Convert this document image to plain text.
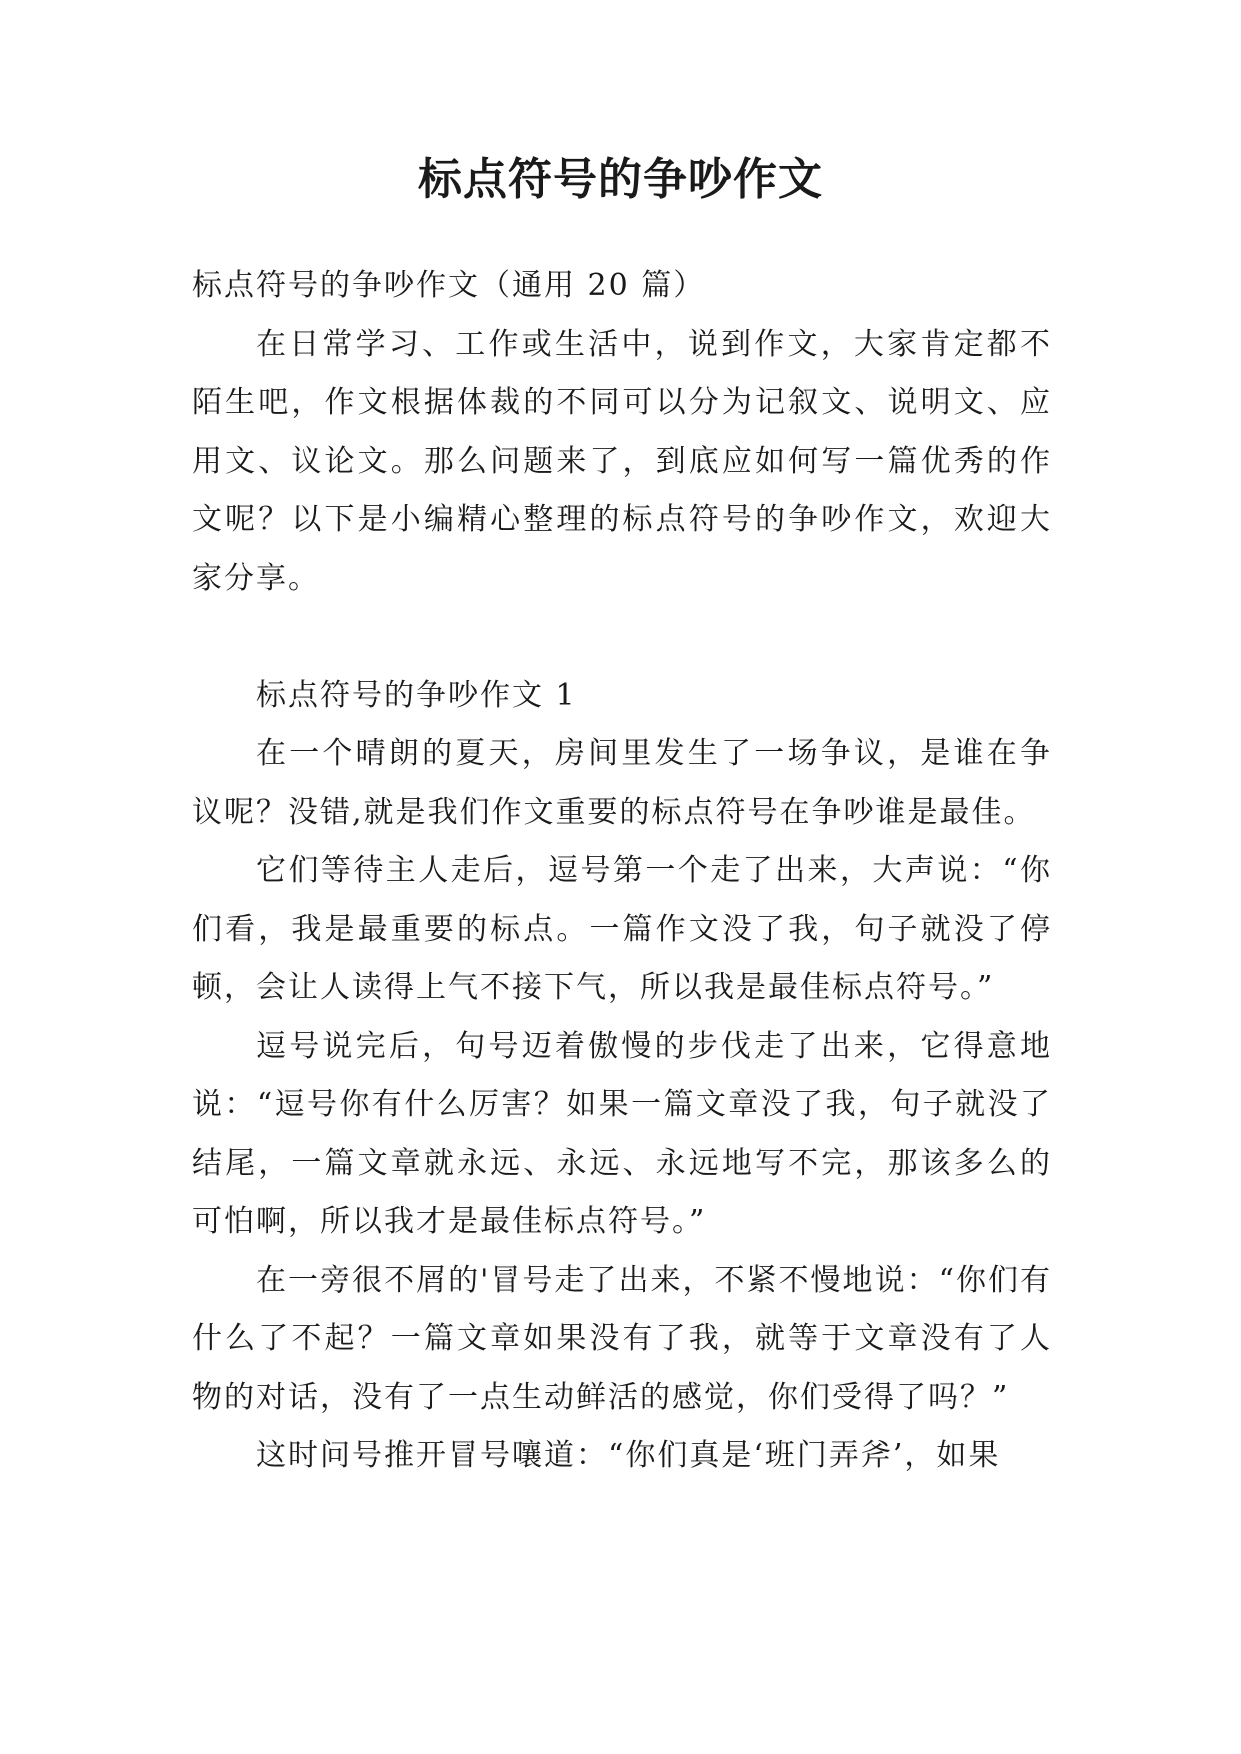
标点符号的争吵作文

标点符号的争吵作文（通用 20 篇）

在日常学习、工作或生活中，说到作文，大家肯定都不陌生吧，作文根据体裁的不同可以分为记叙文、说明文、应用文、议论文。那么问题来了，到底应如何写一篇优秀的作文呢？以下是小编精心整理的标点符号的争吵作文，欢迎大家分享。

标点符号的争吵作文 1

在一个晴朗的夏天，房间里发生了一场争议，是谁在争议呢？没错,就是我们作文重要的标点符号在争吵谁是最佳。

它们等待主人走后，逗号第一个走了出来，大声说：“你们看，我是最重要的标点。一篇作文没了我，句子就没了停顿，会让人读得上气不接下气，所以我是最佳标点符号。”

逗号说完后，句号迈着傲慢的步伐走了出来，它得意地说：“逗号你有什么厉害？如果一篇文章没了我，句子就没了结尾，一篇文章就永远、永远、永远地写不完，那该多么的可怕啊，所以我才是最佳标点符号。”

在一旁很不屑的'冒号走了出来，不紧不慢地说：“你们有什么了不起？一篇文章如果没有了我，就等于文章没有了人物的对话，没有了一点生动鲜活的感觉，你们受得了吗？”

这时问号推开冒号嚷道：“你们真是‘班门弄斧’，如果
